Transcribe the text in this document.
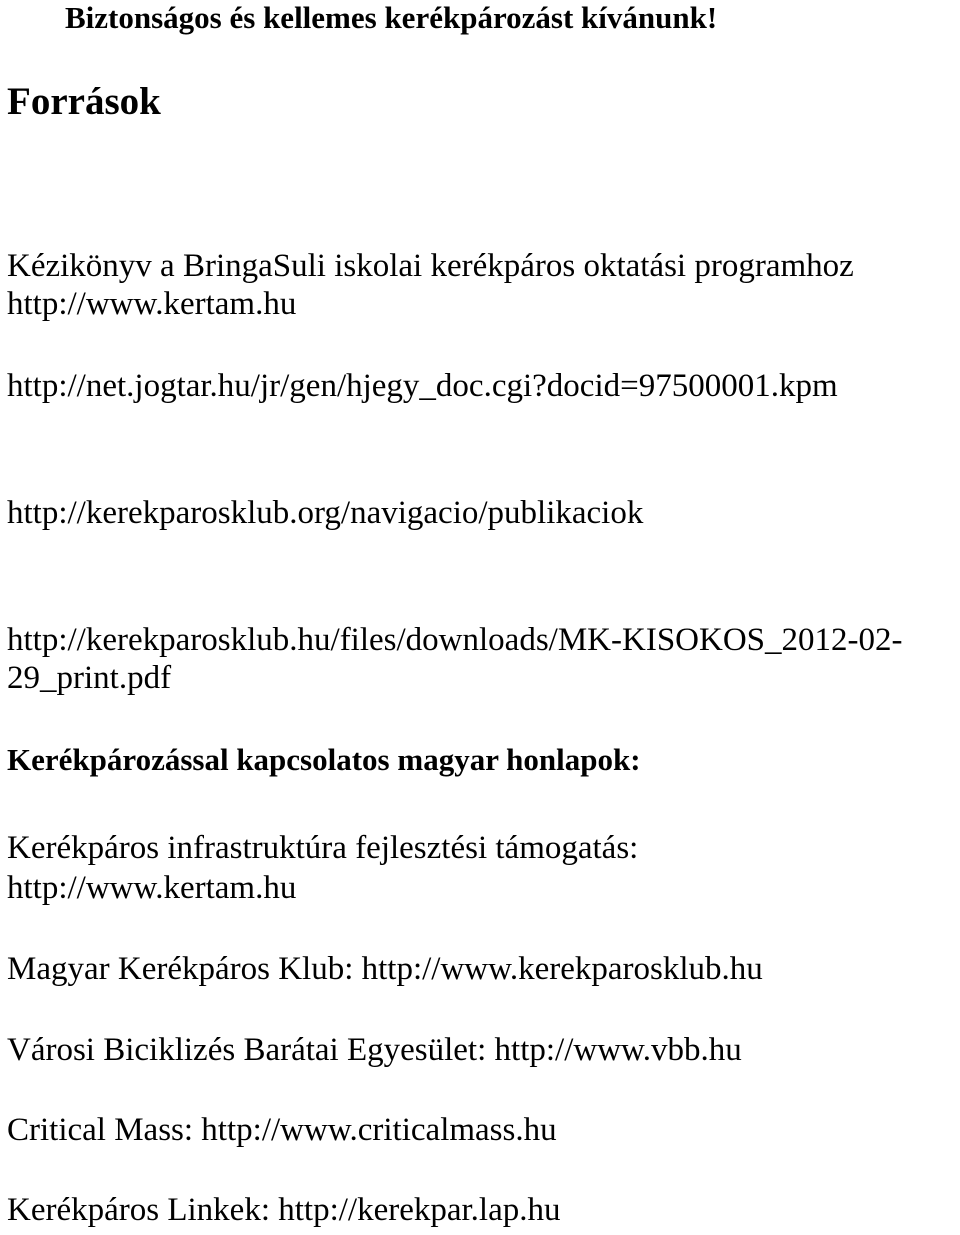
Biztonságos és kellemes kerékpározást kívánunk!

Források

Kézikönyv a BringaSuli iskolai kerékpáros oktatási programhoz

http://www.kertam.hu

http://net.jogtar.hu/jr/gen/hjegy_doc.cgi?docid=97500001.kpm

http://kerekparosklub.org/navigacio/publikaciok

http://kerekparosklub.hu/files/downloads/MK-KISOKOS_2012-02-

29_print.pdf

Kerékpározással kapcsolatos magyar honlapok:

Kerékpáros infrastruktúra fejlesztési támogatás:

http://www.kertam.hu

Magyar Kerékpáros Klub: http://www.kerekparosklub.hu

Városi Biciklizés Barátai Egyesület: http://www.vbb.hu

Critical Mass: http://www.criticalmass.hu

Kerékpáros Linkek: http://kerekpar.lap.hu
